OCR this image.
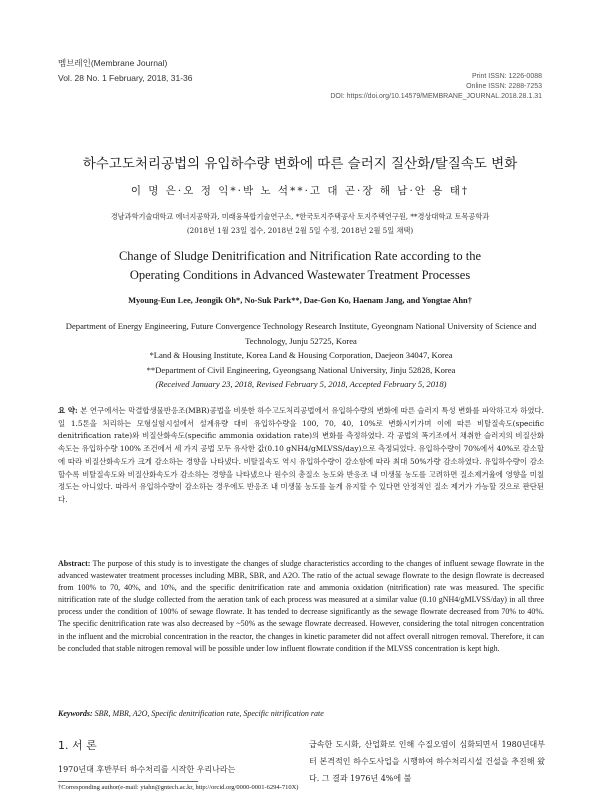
멤브레인(Membrane Journal)
Vol. 28 No. 1 February, 2018, 31-36	Print ISSN: 1226-0088
Online ISSN: 2288-7253
DOI: https://doi.org/10.14579/MEMBRANE_JOURNAL.2018.28.1.31
하수고도처리공법의 유입하수량 변화에 따른 슬러지 질산화/탈질속도 변화
이 명 은·오 정 익*·박 노 석**·고 대 곤·장 해 남·안 용 태†
경남과학기술대학교 에너지공학과, 미래융복합기술연구소, *한국토지주택공사 토지주택연구원, **경상대학교 토목공학과
(2018년 1월 23일 접수, 2018년 2월 5일 수정, 2018년 2월 5일 채택)
Change of Sludge Denitrification and Nitrification Rate according to the
Operating Conditions in Advanced Wastewater Treatment Processes
Myoung-Eun Lee, Jeongik Oh*, No-Suk Park**, Dae-Gon Ko, Haenam Jang, and Yongtae Ahn†

Department of Energy Engineering, Future Convergence Technology Research Institute, Gyeongnam National University of Science and Technology, Junju 52725, Korea

*Land & Housing Institute, Korea Land & Housing Corporation, Daejeon 34047, Korea

**Department of Civil Engineering, Gyeongsang National University, Jinju 52828, Korea

(Received January 23, 2018, Revised February 5, 2018, Accepted February 5, 2018)

요 약: 본 연구에서는 막결합생물반응조(MBR)공법을 비롯한 하수고도처리공법에서 유입하수량의 변화에 따른 슬러지 특성 변화를 파악하고자 하였다. 일 1.5톤을 처리하는 모형실험시설에서 설계유량 대비 유입하수량을 100, 70, 40, 10%로 변화시키가며 이에 따른 비탈질속도(specific denitrification rate)와 비질산화속도(specific ammonia oxidation rate)의 변화를 측정하였다. 각 공법의 폭기조에서 채취한 슬러지의 비질산화속도는 유입하수량 100% 조건에서 세 가지 공법 모두 유사한 값(0.10 gNH4/gMLVSS/day)으로 측정되었다. 유입하수량이 70%에서 40%로 감소할에 따라 비질산화속도가 크게 감소하는 경향을 나타냈다. 비탈질속도 역시 유입하수량이 감소함에 따라 최대 50%가량 감소하였다. 유입하수량이 감소할수록 비탈질속도와 비질산화속도가 감소하는 경향을 나타냈으나 원수의 총질소 농도와 반응조 내 미생물 농도를 고려하면 질소제거율에 영향을 미칠 정도는 아니었다. 따라서 유입하수량이 감소하는 경우에도 반응조 내 미생물 농도를 높게 유지할 수 있다면 안정적인 질소 제거가 가능할 것으로 판단된다.
Abstract: The purpose of this study is to investigate the changes of sludge characteristics according to the changes of influent sewage flowrate in the advanced wastewater treatment processes including MBR, SBR, and A2O. The ratio of the actual sewage flowrate to the design flowrate is decreased from 100% to 70, 40%, and 10%, and the specific denitrification rate and ammonia oxidation (nitrification) rate was measured. The specific nitrification rate of the sludge collected from the aeration tank of each process was measured at a similar value (0.10 gNH4/gMLVSS/day) in all three process under the condition of 100% of sewage flowrate. It has tended to decrease significantly as the sewage flowrate decreased from 70% to 40%. The specific denitrification rate was also decreased by ~50% as the sewage flowrate decreased. However, considering the total nitrogen concentration in the influent and the microbial concentration in the reactor, the changes in kinetic parameter did not affect overall nitrogen removal. Therefore, it can be concluded that stable nitrogen removal will be possible under low influent flowrate condition if the MLVSS concentration is kept high.
Keywords: SBR, MBR, A2O, Specific denitrification rate, Specific nitrification rate
1. 서 론
1970년대 후반부터 하수처리를 시작한 우리나라는
급속한 도시화, 산업화로 인해 수질오염이 심화되면서 1980년대부터 본격적인 하수도사업을 시행하여 하수처리시설 건설을 추진해 왔다. 그 결과 1976년 4%에 불
†Corresponding author(e-mail: ytahn@gntech.ac.kr, http://orcid.org/0000-0001-6294-710X)
